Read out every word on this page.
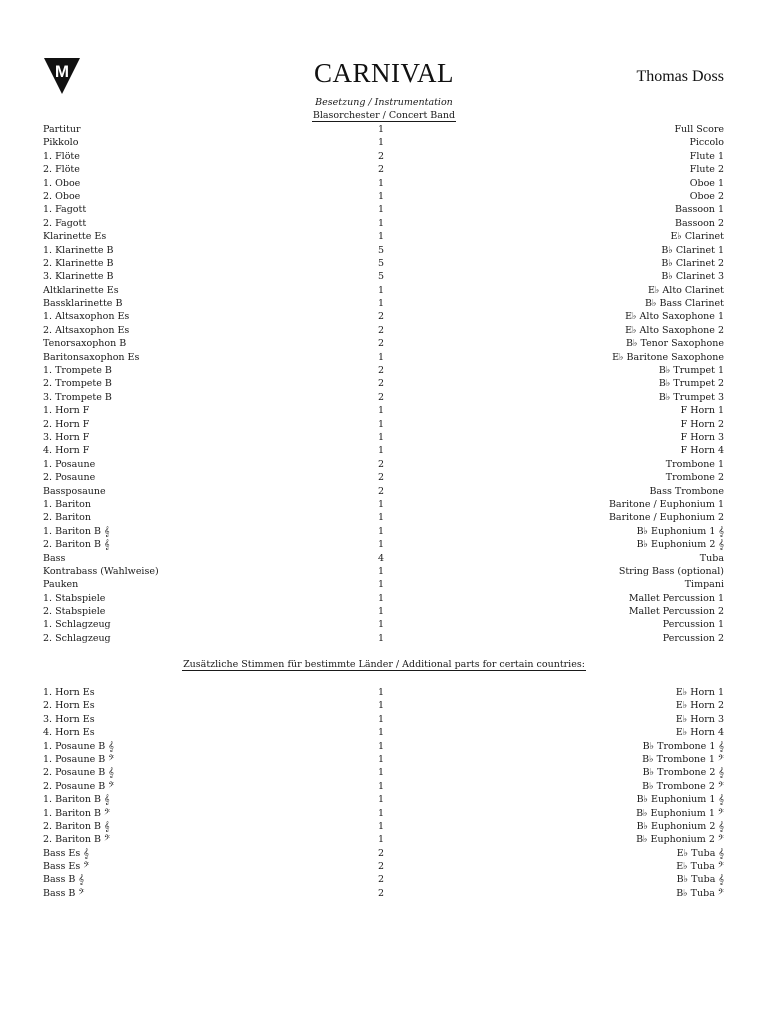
M	CARNIVAL	Thomas Doss
Besetzung / Instrumentation
Blasorchester / Concert Band
Partitur	1	Full Score
Pikkolo	1	Piccolo
1. Flöte	2	Flute 1
2. Flöte	2	Flute 2
1. Oboe	1	Oboe 1
2. Oboe	1	Oboe 2
1. Fagott	1	Bassoon 1
2. Fagott	1	Bassoon 2
Klarinette Es	1	E♭ Clarinet
1. Klarinette B	5	B♭ Clarinet 1
2. Klarinette B	5	B♭ Clarinet 2
3. Klarinette B	5	B♭ Clarinet 3
Altklarinette Es	1	E♭ Alto Clarinet
Bassklarinette B	1	B♭ Bass Clarinet
1. Altsaxophon Es	2	E♭ Alto Saxophone 1
2. Altsaxophon Es	2	E♭ Alto Saxophone 2
Tenorsaxophon B	2	B♭ Tenor Saxophone
Baritonsaxophon Es	1	E♭ Baritone Saxophone
1. Trompete B	2	B♭ Trumpet 1
2. Trompete B	2	B♭ Trumpet 2
3. Trompete B	2	B♭ Trumpet 3
1. Horn F	1	F Horn 1
2. Horn F	1	F Horn 2
3. Horn F	1	F Horn 3
4. Horn F	1	F Horn 4
1. Posaune	2	Trombone 1
2. Posaune	2	Trombone 2
Bassposaune	2	Bass Trombone
1. Bariton	1	Baritone / Euphonium 1
2. Bariton	1	Baritone / Euphonium 2
1. Bariton B 𝄞	1	B♭ Euphonium 1 𝄞
2. Bariton B 𝄞	1	B♭ Euphonium 2 𝄞
Bass	4	Tuba
Kontrabass (Wahlweise)	1	String Bass (optional)
Pauken	1	Timpani
1. Stabspiele	1	Mallet Percussion 1
2. Stabspiele	1	Mallet Percussion 2
1. Schlagzeug	1	Percussion 1
2. Schlagzeug	1	Percussion 2
Zusätzliche Stimmen für bestimmte Länder / Additional parts for certain countries:
1. Horn Es	1	E♭ Horn 1
2. Horn Es	1	E♭ Horn 2
3. Horn Es	1	E♭ Horn 3
4. Horn Es	1	E♭ Horn 4
1. Posaune B 𝄞	1	B♭ Trombone 1 𝄞
1. Posaune B 𝄢	1	B♭ Trombone 1 𝄢
2. Posaune B 𝄞	1	B♭ Trombone 2 𝄞
2. Posaune B 𝄢	1	B♭ Trombone 2 𝄢
1. Bariton B 𝄞	1	B♭ Euphonium 1 𝄞
1. Bariton B 𝄢	1	B♭ Euphonium 1 𝄢
2. Bariton B 𝄞	1	B♭ Euphonium 2 𝄞
2. Bariton B 𝄢	1	B♭ Euphonium 2 𝄢
Bass Es 𝄞	2	E♭ Tuba 𝄞
Bass Es 𝄢	2	E♭ Tuba 𝄢
Bass B 𝄞	2	B♭ Tuba 𝄞
Bass B 𝄢	2	B♭ Tuba 𝄢
